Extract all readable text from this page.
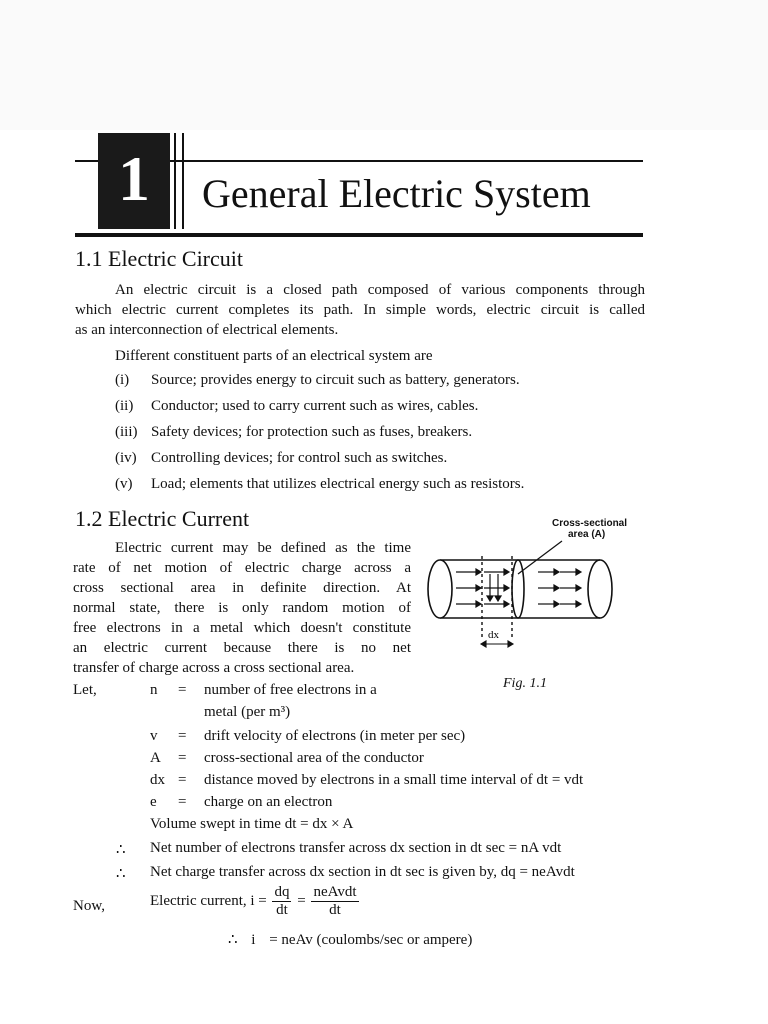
1	General Electric System
1.1 Electric Circuit
An electric circuit is a closed path composed of various components through
which electric current completes its path. In simple words, electric circuit is called
as an interconnection of electrical elements.
Different constituent parts of an electrical system are
(i) Source; provides energy to circuit such as battery, generators.
(ii) Conductor; used to carry current such as wires, cables.
(iii) Safety devices; for protection such as fuses, breakers.
(iv) Controlling devices; for control such as switches.
(v) Load; elements that utilizes electrical energy such as resistors.
1.2 Electric Current
Electric current may be defined as the time
rate of net motion of electric charge across a
cross sectional area in definite direction. At
normal state, there is only random motion of
free electrons in a metal which doesn't constitute
an electric current because there is no net
transfer of charge across a cross sectional area.
Cross-sectional
area (A)
dx
Fig. 1.1
Let,	n = number of free electrons in a
metal (per m³)
v = drift velocity of electrons (in meter per sec)
A = cross-sectional area of the conductor
dx = distance moved by electrons in a small time interval of dt = vdt
e = charge on an electron
Volume swept in time dt = dx × A
∴ Net number of electrons transfer across dx section in dt sec = nA vdt
∴ Net charge transfer across dx section in dt sec is given by, dq = neAvdt
Now,	Electric current, $i = \frac{dq}{dt} = \frac{\text{neAvdt}}{dt}$
∴ i = neAv (coulombs/sec or ampere)
